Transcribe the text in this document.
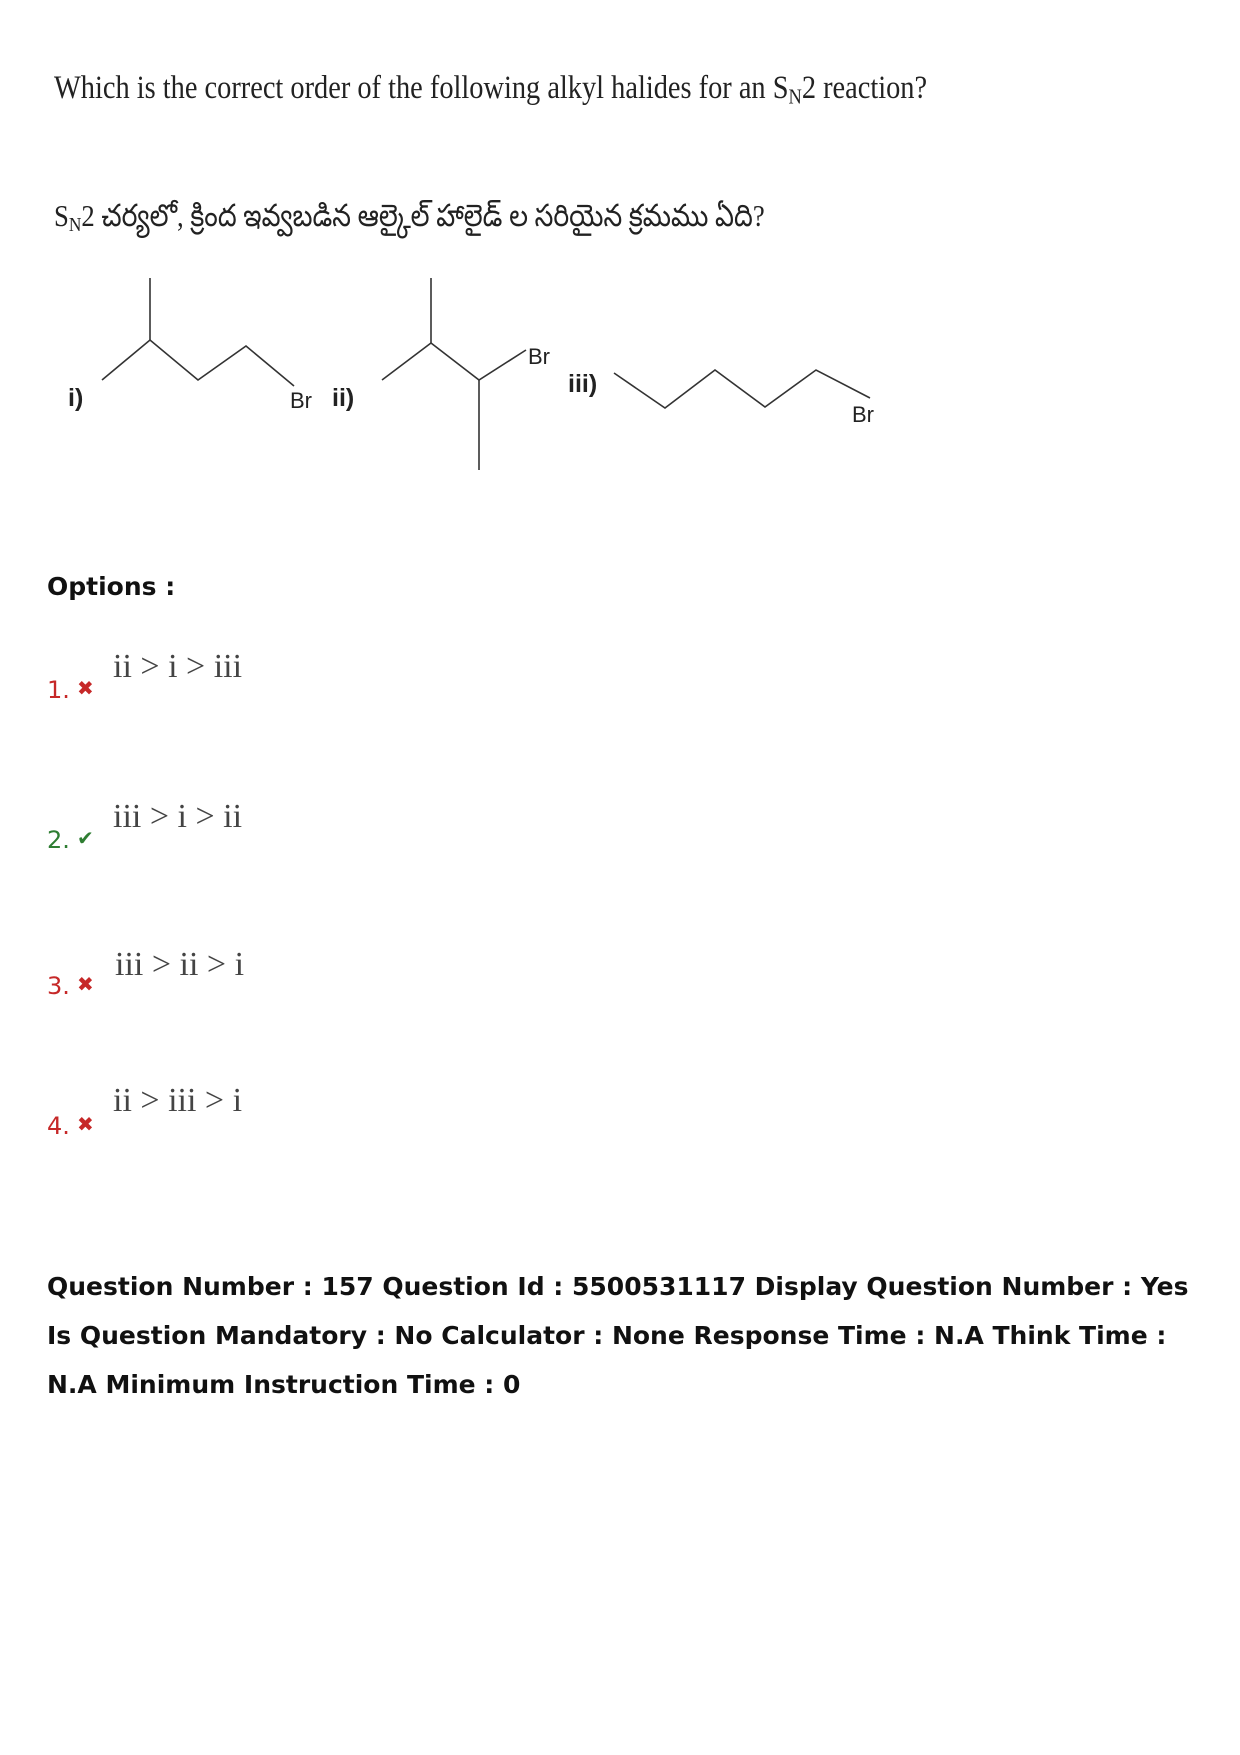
Which is the correct order of the following alkyl halides for an $S_N2$ reaction?
$S_N2$ చర్యలో, క్రింద ఇవ్వబడిన ఆల్కైల్ హాలైడ్ ల సరియైన క్రమము ఏది?
i)	Br ii)
Br
iii)
Br
Options :
1. ✖
ii > i > iii
2. ✔
iii > i > ii
3. ✖
iii > ii > i
4. ✖
ii > iii > i
Question Number : 157 Question Id : 5500531117 Display Question Number : Yes Is Question Mandatory : No Calculator : None Response Time : N.A Think Time : N.A Minimum Instruction Time : 0
